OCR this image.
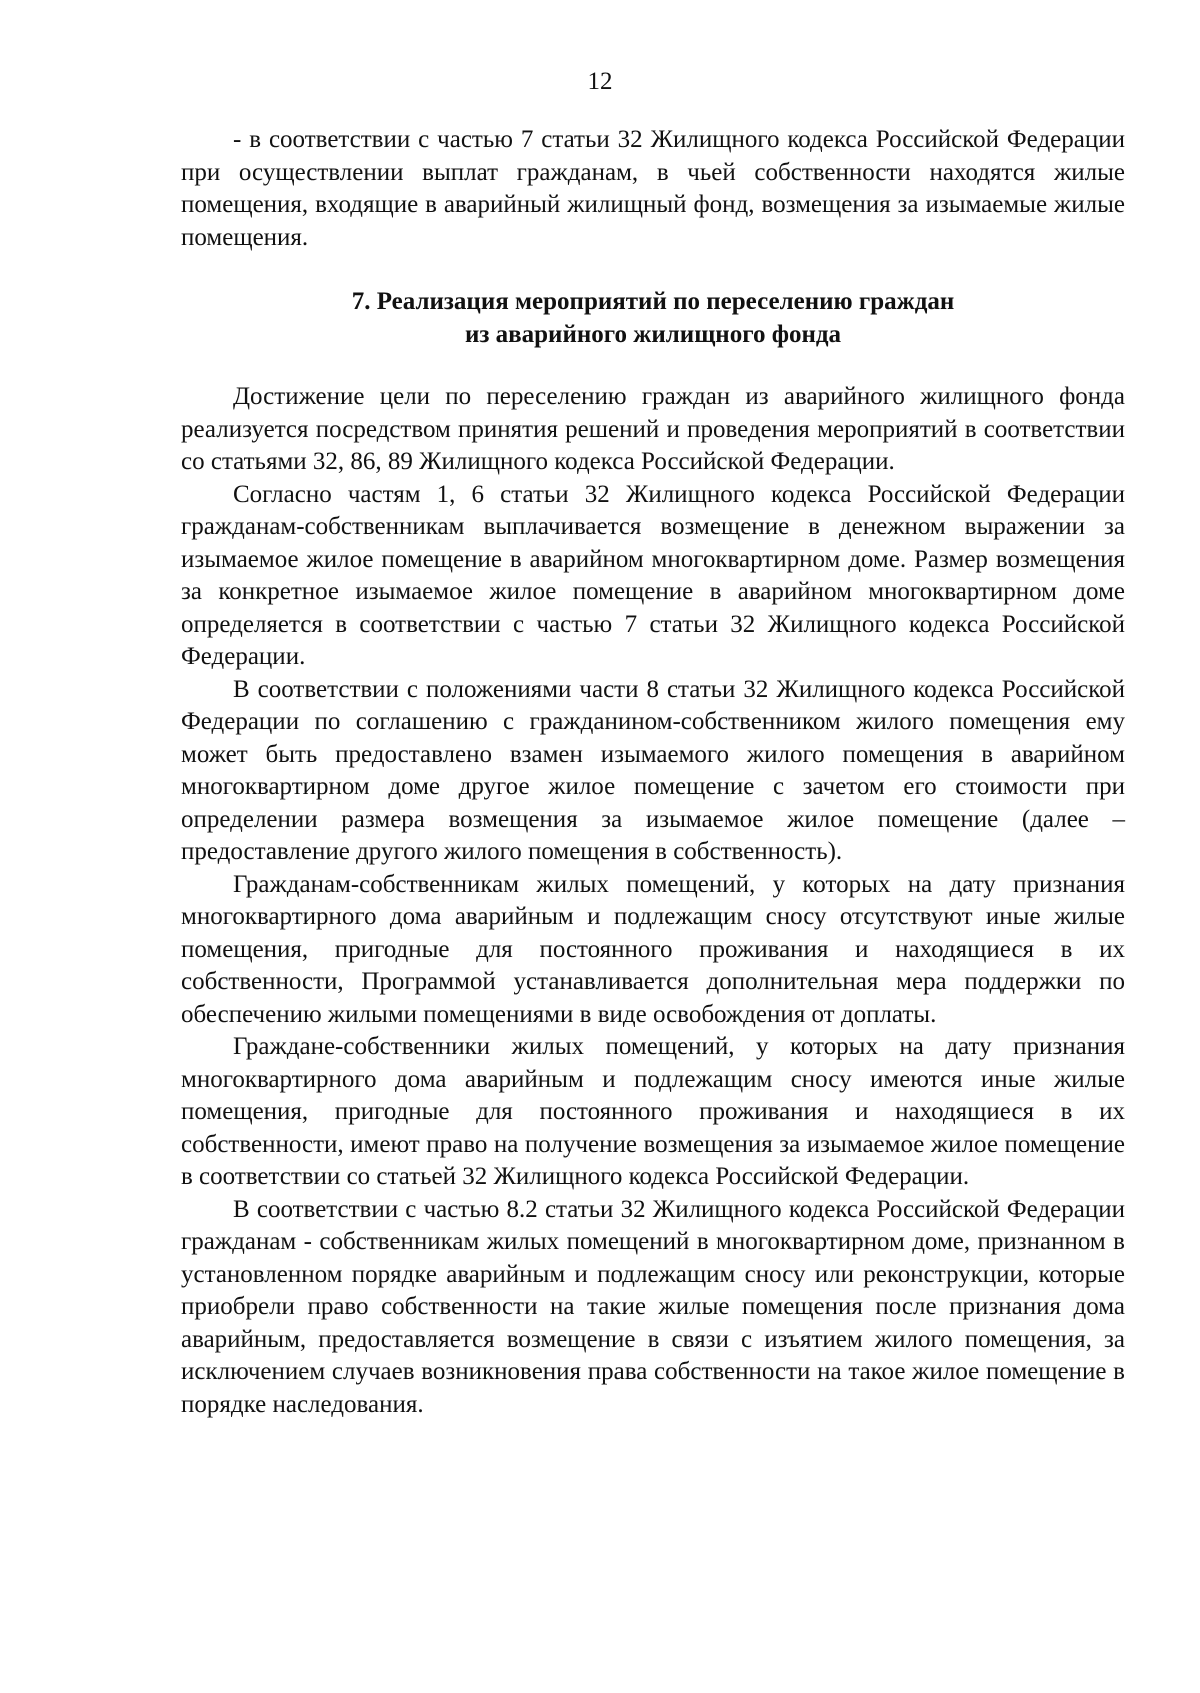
12

- в соответствии с частью 7 статьи 32 Жилищного кодекса Российской Федерации при осуществлении выплат гражданам, в чьей собственности находятся жилые помещения, входящие в аварийный жилищный фонд, возмещения за изымаемые жилые помещения.

7. Реализация мероприятий по переселению граждан
из аварийного жилищного фонда

Достижение цели по переселению граждан из аварийного жилищного фонда реализуется посредством принятия решений и проведения мероприятий в соответствии со статьями 32, 86, 89 Жилищного кодекса Российской Федерации.

Согласно частям 1, 6 статьи 32 Жилищного кодекса Российской Федерации гражданам-собственникам выплачивается возмещение в денежном выражении за изымаемое жилое помещение в аварийном многоквартирном доме. Размер возмещения за конкретное изымаемое жилое помещение в аварийном многоквартирном доме определяется в соответствии с частью 7 статьи 32 Жилищного кодекса Российской Федерации.

В соответствии с положениями части 8 статьи 32 Жилищного кодекса Российской Федерации по соглашению с гражданином-собственником жилого помещения ему может быть предоставлено взамен изымаемого жилого помещения в аварийном многоквартирном доме другое жилое помещение с зачетом его стоимости при определении размера возмещения за изымаемое жилое помещение (далее – предоставление другого жилого помещения в собственность).

Гражданам-собственникам жилых помещений, у которых на дату признания многоквартирного дома аварийным и подлежащим сносу отсутствуют иные жилые помещения, пригодные для постоянного проживания и находящиеся в их собственности, Программой устанавливается дополнительная мера поддержки по обеспечению жилыми помещениями в виде освобождения от доплаты.

Граждане-собственники жилых помещений, у которых на дату признания многоквартирного дома аварийным и подлежащим сносу имеются иные жилые помещения, пригодные для постоянного проживания и находящиеся в их собственности, имеют право на получение возмещения за изымаемое жилое помещение в соответствии со статьей 32 Жилищного кодекса Российской Федерации.

В соответствии с частью 8.2 статьи 32 Жилищного кодекса Российской Федерации гражданам - собственникам жилых помещений в многоквартирном доме, признанном в установленном порядке аварийным и подлежащим сносу или реконструкции, которые приобрели право собственности на такие жилые помещения после признания дома аварийным, предоставляется возмещение в связи с изъятием жилого помещения, за исключением случаев возникновения права собственности на такое жилое помещение в порядке наследования.
